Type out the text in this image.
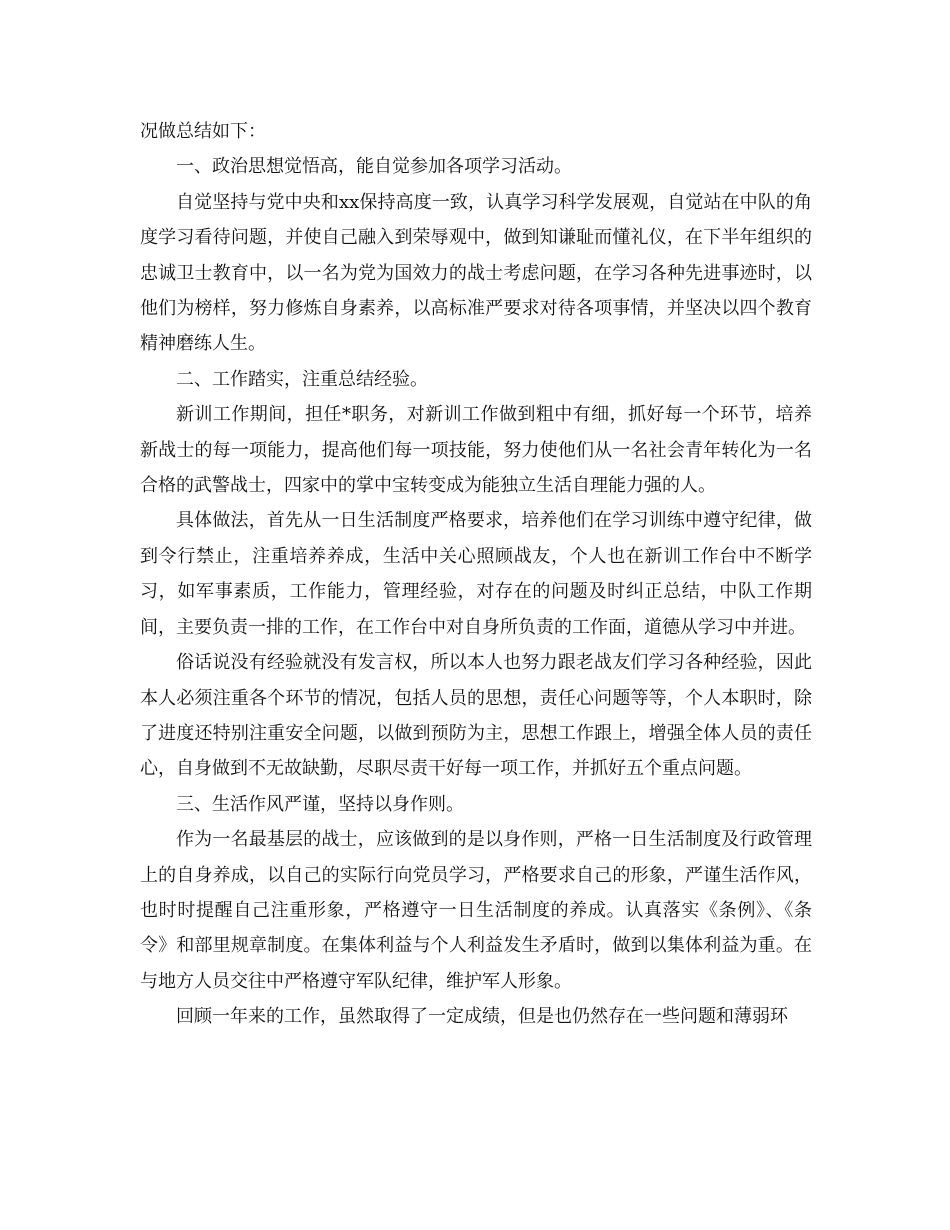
况做总结如下：

一、政治思想觉悟高，能自觉参加各项学习活动。

自觉坚持与党中央和xx保持高度一致，认真学习科学发展观，自觉站在中队的角度学习看待问题，并使自己融入到荣辱观中，做到知谦耻而懂礼仪，在下半年组织的忠诚卫士教育中，以一名为党为国效力的战士考虑问题，在学习各种先进事迹时，以他们为榜样，努力修炼自身素养，以高标准严要求对待各项事情，并坚决以四个教育精神磨练人生。

二、工作踏实，注重总结经验。

新训工作期间，担任*职务，对新训工作做到粗中有细，抓好每一个环节，培养新战士的每一项能力，提高他们每一项技能，努力使他们从一名社会青年转化为一名合格的武警战士，四家中的掌中宝转变成为能独立生活自理能力强的人。

具体做法，首先从一日生活制度严格要求，培养他们在学习训练中遵守纪律，做到令行禁止，注重培养养成，生活中关心照顾战友，个人也在新训工作台中不断学习，如军事素质，工作能力，管理经验，对存在的问题及时纠正总结，中队工作期间，主要负责一排的工作，在工作台中对自身所负责的工作面，道德从学习中并进。

俗话说没有经验就没有发言权，所以本人也努力跟老战友们学习各种经验，因此本人必须注重各个环节的情况，包括人员的思想，责任心问题等等，个人本职时，除了进度还特别注重安全问题，以做到预防为主，思想工作跟上，增强全体人员的责任心，自身做到不无故缺勤，尽职尽责干好每一项工作，并抓好五个重点问题。

三、生活作风严谨，坚持以身作则。

作为一名最基层的战士，应该做到的是以身作则，严格一日生活制度及行政管理上的自身养成，以自己的实际行向党员学习，严格要求自己的形象，严谨生活作风，也时时提醒自己注重形象，严格遵守一日生活制度的养成。认真落实《条例》、《条令》和部里规章制度。在集体利益与个人利益发生矛盾时，做到以集体利益为重。在与地方人员交往中严格遵守军队纪律，维护军人形象。

回顾一年来的工作，虽然取得了一定成绩，但是也仍然存在一些问题和薄弱环
